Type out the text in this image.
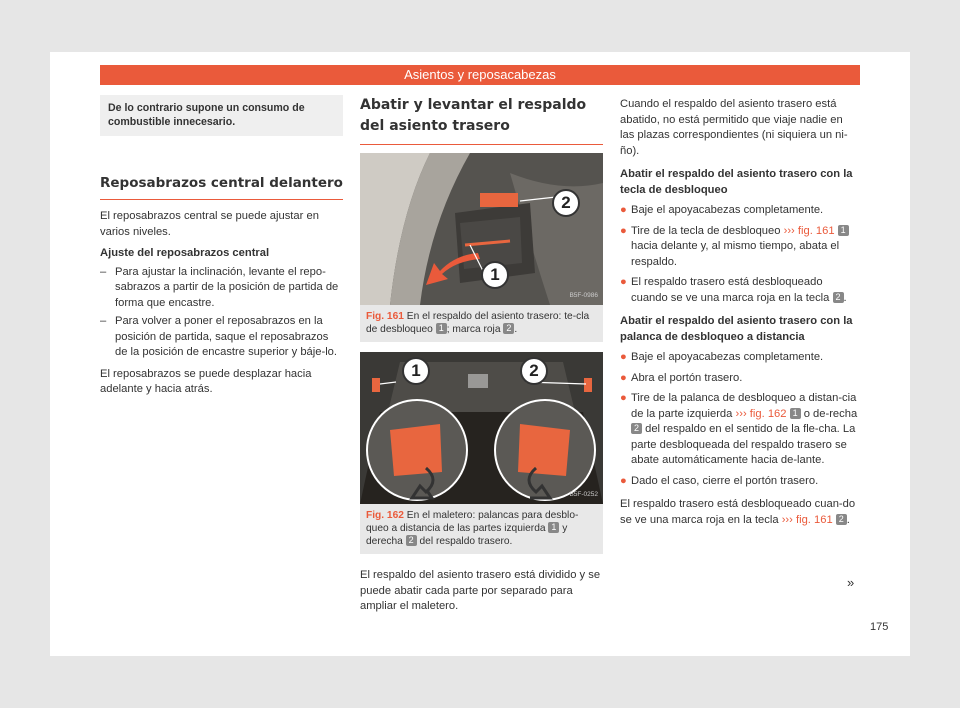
Asientos y reposacabezas
De lo contrario supone un consumo de combustible innecesario.
Reposabrazos central delantero

El reposabrazos central se puede ajustar en varios niveles.

Ajuste del reposabrazos central

– Para ajustar la inclinación, levante el repo-sabrazos a partir de la posición de partida de forma que encastre.
– Para volver a poner el reposabrazos en la posición de partida, saque el reposabrazos de la posición de encastre superior y báje-lo.

El reposabrazos se puede desplazar hacia adelante y hacia atrás.

Abatir y levantar el respaldo del asiento trasero
2
1
B5F-0986
Fig. 161 En el respaldo del asiento trasero: te-cla de desbloqueo 1 ; marca roja 2 .
1	2
B5F-0252
Fig. 162 En el maletero: palancas para desblo-queo a distancia de las partes izquierda 1 y derecha 2 del respaldo trasero.

El respaldo del asiento trasero está dividido y se puede abatir cada parte por separado para ampliar el maletero.

Cuando el respaldo del asiento trasero está abatido, no está permitido que viaje nadie en las plazas correspondientes (ni siquiera un ni-ño).

Abatir el respaldo del asiento trasero con la tecla de desbloqueo

● Baje el apoyacabezas completamente.
● Tire de la tecla de desbloqueo ››› fig. 161 1 hacia delante y, al mismo tiempo, abata el respaldo.
● El respaldo trasero está desbloqueado cuando se ve una marca roja en la tecla 2 .

Abatir el respaldo del asiento trasero con la palanca de desbloqueo a distancia

● Baje el apoyacabezas completamente.
● Abra el portón trasero.
● Tire de la palanca de desbloqueo a distan-cia de la parte izquierda ››› fig. 162 1 o de-recha 2 del respaldo en el sentido de la fle-cha. La parte desbloqueada del respaldo trasero se abate automáticamente hacia de-lante.
● Dado el caso, cierre el portón trasero.

El respaldo trasero está desbloqueado cuan-do se ve una marca roja en la tecla ››› fig. 161 2 .

»
175
